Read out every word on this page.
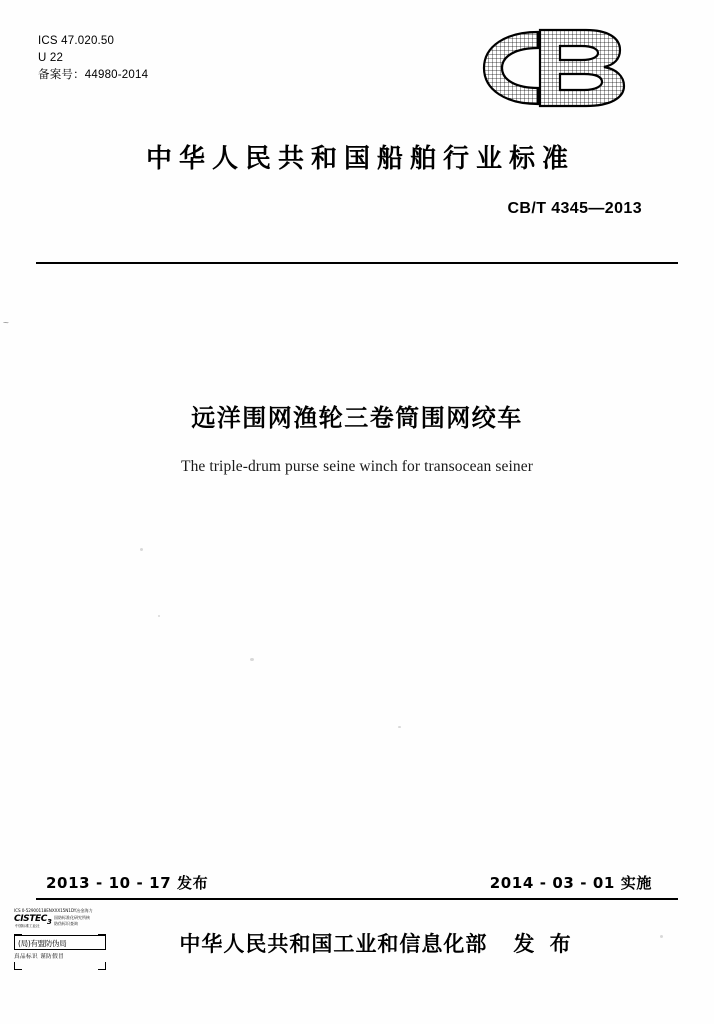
ICS 47.020.50
U 22
备案号：44980-2014
中华人民共和国船舶行业标准
CB/T 4345—2013
~
远洋围网渔轮三卷筒围网绞车
The triple-drum purse seine winch for transocean seiner
2013 - 10 - 17 发布	2014 - 03 - 01 实施
中华人民共和国工业和信息化部 发 布
ICS 0-52900118ENXXX15N1DY冶金海力
$CISTEC_3$
中国标准工业社
国防标准化研究所核
防伪标识查询
(局)有盟防伪局
真品标识 谨防假冒
